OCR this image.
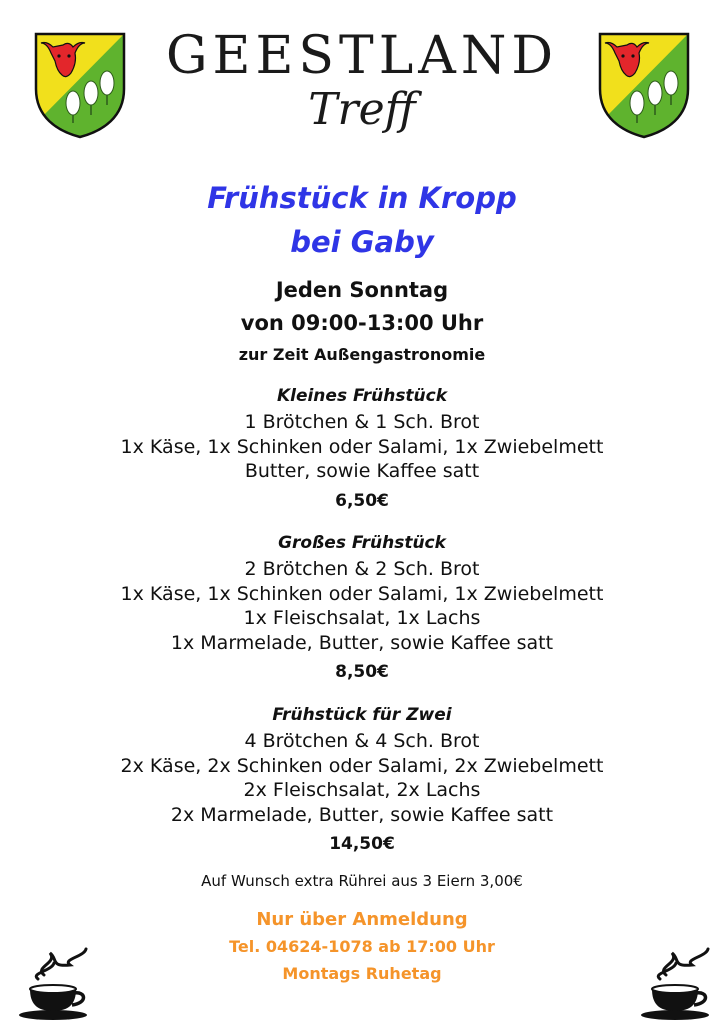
GEESTLAND
Treff
Frühstück in Kropp
bei Gaby
Jeden Sonntag
von 09:00-13:00 Uhr
zur Zeit Außengastronomie
Kleines Frühstück
1 Brötchen & 1 Sch. Brot
1x Käse, 1x Schinken oder Salami, 1x Zwiebelmett
Butter, sowie Kaffee satt
6,50€
Großes Frühstück
2 Brötchen & 2 Sch. Brot
1x Käse, 1x Schinken oder Salami, 1x Zwiebelmett
1x Fleischsalat, 1x Lachs
1x Marmelade, Butter, sowie Kaffee satt
8,50€
Frühstück für Zwei
4 Brötchen & 4 Sch. Brot
2x Käse, 2x Schinken oder Salami, 2x Zwiebelmett
2x Fleischsalat, 2x Lachs
2x Marmelade, Butter, sowie Kaffee satt
14,50€
Auf Wunsch extra Rührei aus 3 Eiern 3,00€
Nur über Anmeldung
Tel. 04624-1078 ab 17:00 Uhr
Montags Ruhetag
